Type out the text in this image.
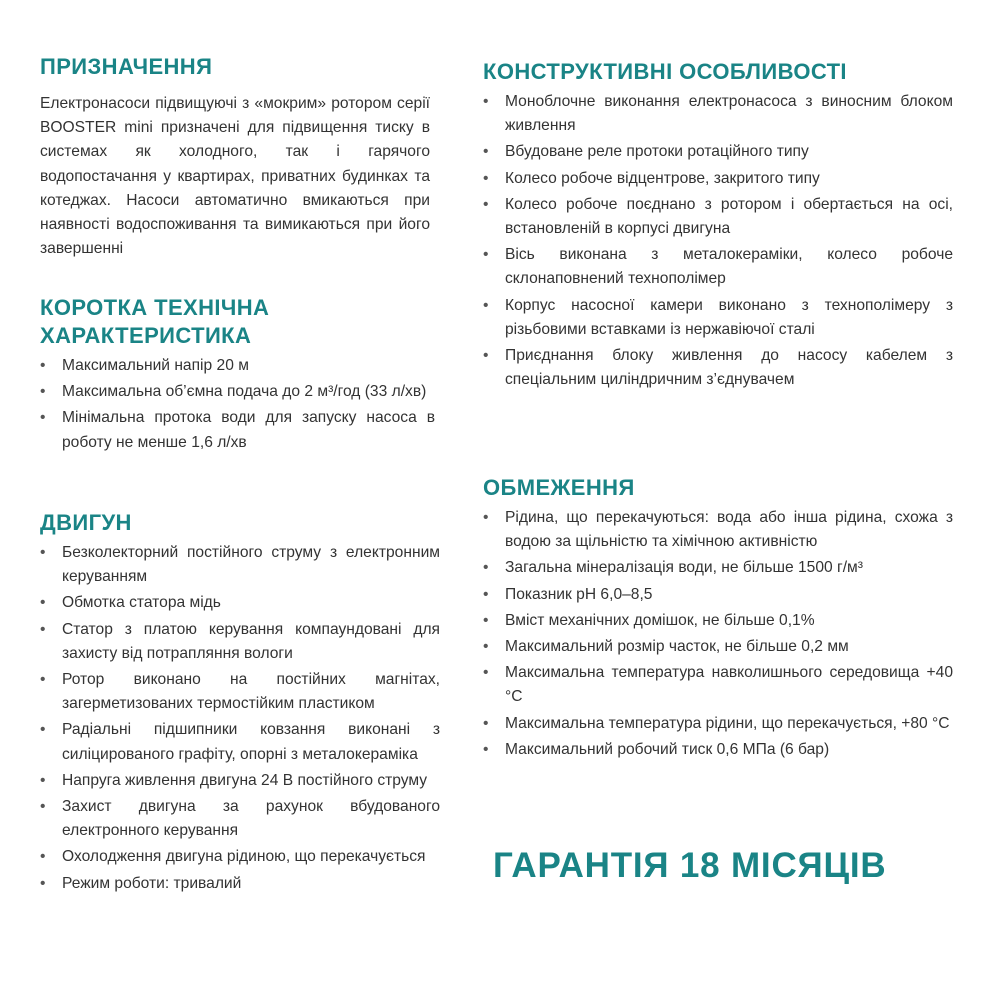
ПРИЗНАЧЕННЯ

Електронасоси підвищуючі з «мокрим» ротором серії BOOSTER mini призначені для підвищення тиску в системах як холодного, так і гарячого водопостачання у квартирах, приватних будинках та котеджах. Насоси автоматично вмикаються при наявності водоспоживання та вимикаються при його завершенні

КОРОТКА ТЕХНІЧНА
ХАРАКТЕРИСТИКА
• Максимальний напір 20 м
• Максимальна об’ємна подача до 2 м³/год (33 л/хв)
• Мінімальна протока води для запуску насоса в роботу не менше 1,6 л/хв
ДВИГУН
• Безколекторний постійного струму з електронним керуванням
• Обмотка статора мідь
• Статор з платою керування компаундовані для захисту від потрапляння вологи
• Ротор виконано на постійних магнітах, загерметизованих термостійким пластиком
• Радіальні підшипники ковзання виконані з силіцированого графіту, опорні з металокераміка
• Напруга живлення двигуна 24 В постійного струму
• Захист двигуна за рахунок вбудованого електронного керування
• Охолодження двигуна рідиною, що перекачується
• Режим роботи: тривалий
КОНСТРУКТИВНІ ОСОБЛИВОСТІ
• Моноблочне виконання електронасоса з виносним блоком живлення
• Вбудоване реле протоки ротаційного типу
• Колесо робоче відцентрове, закритого типу
• Колесо робоче поєднано з ротором і обертається на осі, встановленій в корпусі двигуна
• Вісь виконана з металокераміки, колесо робоче склонаповнений технополімер
• Корпус насосної камери виконано з технополімеру з різьбовими вставками із нержавіючої сталі
• Приєднання блоку живлення до насосу кабелем з спеціальним циліндричним з’єднувачем
ОБМЕЖЕННЯ
• Рідина, що перекачуються: вода або інша рідина, схожа з водою за щільністю та хімічною активністю
• Загальна мінералізація води, не більше 1500 г/м³
• Показник рН 6,0–8,5
• Вміст механічних домішок, не більше 0,1%
• Максимальний розмір часток, не більше 0,2 мм
• Максимальна температура навколишнього середовища +40 °С
• Максимальна температура рідини, що перекачується, +80 °С
• Максимальний робочий тиск 0,6 МПа (6 бар)
ГАРАНТІЯ 18 МІСЯЦІВ
